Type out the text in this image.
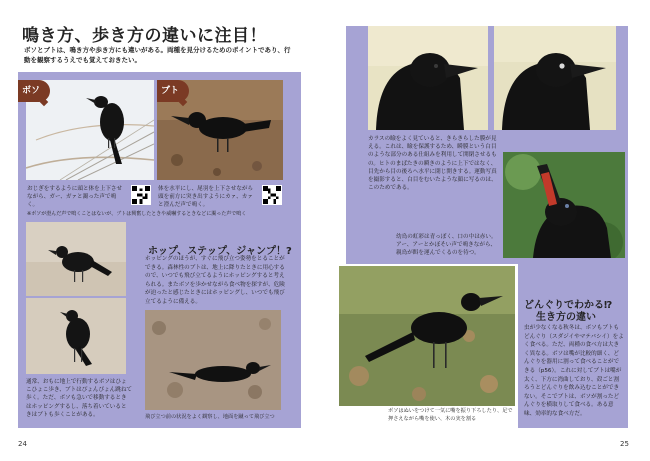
鳴き方、歩き方の違いに注目！
ボソとブトは、鳴き方や歩き方にも違いがある。両種を見分けるためのポイントであり、行動を観察するうえでも覚えておきたい。
ボソ	ブト
おじぎをするように頭と体を上下させながら、ガー、ガァと濁った声で鳴く。
体を水平にし、尾羽を上下させながら頭を前方に突き出すようにカァ、カァと澄んだ声で鳴く。
※ボソが澄んだ声で鳴くことはないが、ブトは興奮したときや威嚇するときなどに濁った声で鳴く
通常、おもに地上で行動するボソはひょこひょこ歩き、ブトはぴょんぴょん跳ねて歩く。ただ、ボソも急いで移動するときはホッピングするし、落ち着いているときはブトも歩くことがある。
ホップ、ステップ、ジャンプ！?
ホッピングのほうが、すぐに飛び立つ姿勢をとることができる。森林性のブトは、地上に降りたときに用心するので、いつでも飛び立てるようにホッピングすると考えられる。またボソを歩かせながら食べ物を探すが、危険が迫ったと感じたときにはホッピングし、いつでも飛び立てるように備える。
飛び立つ前の状況をよく観察し、地面を蹴って飛び立つ
カラスの瞼をよく見ていると、きらきらした膜が見える。これは、瞼を保護するため、瞬膜という白目のような部分のある仕組みを利用して開閉させるもの。ヒトのまばたきの瞬きのように上下ではなく、目先から目の後ろへ水平に閉じ開きする。運動写真を撮影すると、白目をむいたような顔に写るのは、このためである。
幼鳥の虹彩は青っぽく、口の中は赤い。アー、アーとかぼそい声で鳴きながら、親鳥が餌を運んでくるのを待つ。
ボソはぬいをつけて一気に嘴を振り下ろしたり、足で押さえながら嘴を使い、木の実を割る
どんぐりでわかる⁉
生き方の違い
虫が少なくなる秋冬は、ボソもブトもどんぐり（スダジイやマテバシイ）をよく食べる。ただ、両種の食べ方は大きく異なる。ボソは嘴が比較的細く、どんぐりを器用に割って食べることができる（p56）。これに対してブトは嘴が太く、下方に湾曲しており、殻ごと割ろうとどんぐりを飲み込むことができない。そこでブトは、ボソが割ったどんぐりを横取りして食べる。ある意味、効率的な食べ方だ。
24	25
